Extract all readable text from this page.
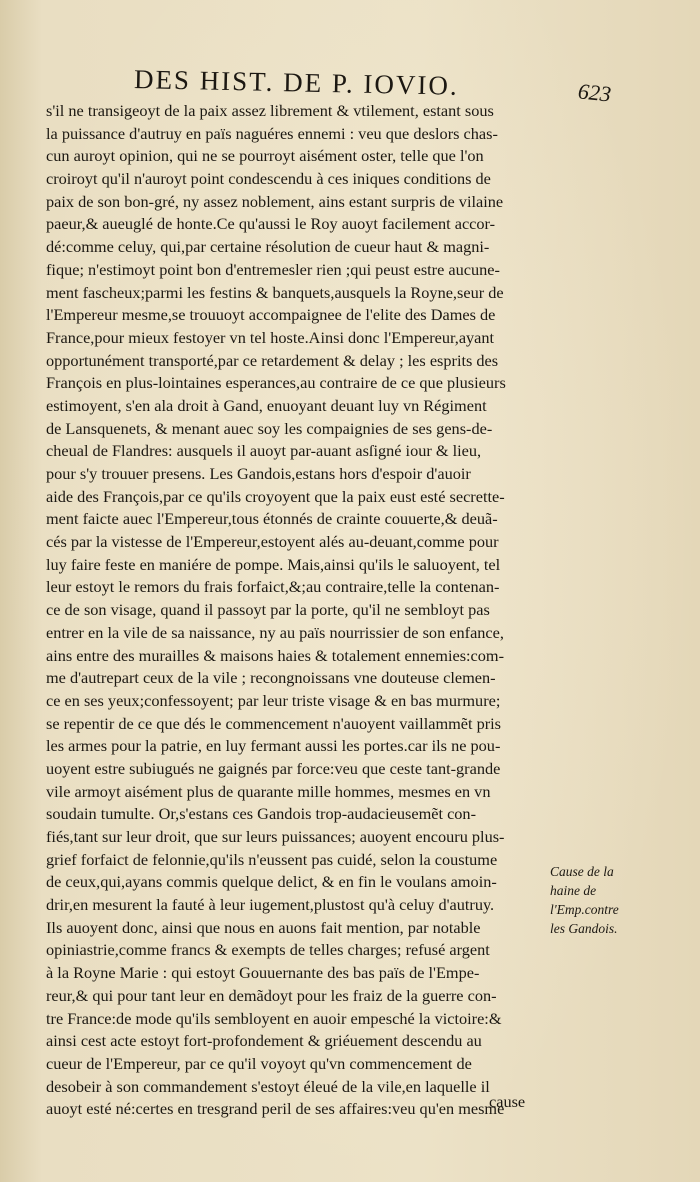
DES HIST. DE P. IOVIO.	623
s'il ne transigeoyt de la paix assez librement & vtilement, estant sous
la puissance d'autruy en païs naguéres ennemi : veu que deslors chas-
cun auroyt opinion, qui ne se pourroyt aisément oster, telle que l'on
croiroyt qu'il n'auroyt point condescendu à ces iniques conditions de
paix de son bon-gré, ny assez noblement, ains estant surpris de vilaine
paeur,& aueuglé de honte.Ce qu'aussi le Roy auoyt facilement accor-
dé:comme celuy, qui,par certaine résolution de cueur haut & magni-
fique; n'estimoyt point bon d'entremesler rien ;qui peust estre aucune-
ment fascheux;parmi les festins & banquets,ausquels la Royne,seur de
l'Empereur mesme,se trouuoyt accompaignee de l'elite des Dames de
France,pour mieux festoyer vn tel hoste.Ainsi donc l'Empereur,ayant
opportunément transporté,par ce retardement & delay ; les esprits des
François en plus-lointaines esperances,au contraire de ce que plusieurs
estimoyent, s'en ala droit à Gand, enuoyant deuant luy vn Régiment
de Lansquenets, & menant auec soy les compaignies de ses gens-de-
cheual de Flandres: ausquels il auoyt par-auant asſigné iour & lieu,
pour s'y trouuer presens. Les Gandois,estans hors d'espoir d'auoir
aide des François,par ce qu'ils croyoyent que la paix eust esté secrette-
ment faicte auec l'Empereur,tous étonnés de crainte couuerte,& deuã-
cés par la vistesse de l'Empereur,estoyent alés au-deuant,comme pour
luy faire feste en maniére de pompe. Mais,ainsi qu'ils le saluoyent, tel
leur estoyt le remors du frais forfaict,&;au contraire,telle la contenan-
ce de son visage, quand il passoyt par la porte, qu'il ne sembloyt pas
entrer en la vile de sa naissance, ny au païs nourrissier de son enfance,
ains entre des murailles & maisons haies & totalement ennemies:com-
me d'autrepart ceux de la vile ; recongnoissans vne douteuse clemen-
ce en ses yeux;confessoyent; par leur triste visage & en bas murmure;
se repentir de ce que dés le commencement n'auoyent vaillammẽt pris
les armes pour la patrie, en luy fermant aussi les portes.car ils ne pou-
uoyent estre subiugués ne gaignés par force:veu que ceste tant-grande
vile armoyt aisément plus de quarante mille hommes, mesmes en vn
soudain tumulte. Or,s'estans ces Gandois trop-audacieusemẽt con-
fiés,tant sur leur droit, que sur leurs puissances; auoyent encouru plus-
grief forfaict de felonnie,qu'ils n'eussent pas cuidé, selon la coustume
de ceux,qui,ayans commis quelque delict, & en fin le voulans amoin-
drir,en mesurent la fauté à leur iugement,plustost qu'à celuy d'autruy.
Ils auoyent donc, ainsi que nous en auons fait mention, par notable
opiniastrie,comme francs & exempts de telles charges; refusé argent
à la Royne Marie : qui estoyt Gouuernante des bas païs de l'Empe-
reur,& qui pour tant leur en demãdoyt pour les fraiz de la guerre con-
tre France:de mode qu'ils sembloyent en auoir empesché la victoire:&
ainsi cest acte estoyt fort-profondement & griéuement descendu au
cueur de l'Empereur, par ce qu'il voyoyt qu'vn commencement de
desobeir à son commandement s'estoyt éleué de la vile,en laquelle il
auoyt esté né:certes en tresgrand peril de ses affaires:veu qu'en mesme
Cause de la
haine de
l'Emp.contre
les Gandois.
cause
